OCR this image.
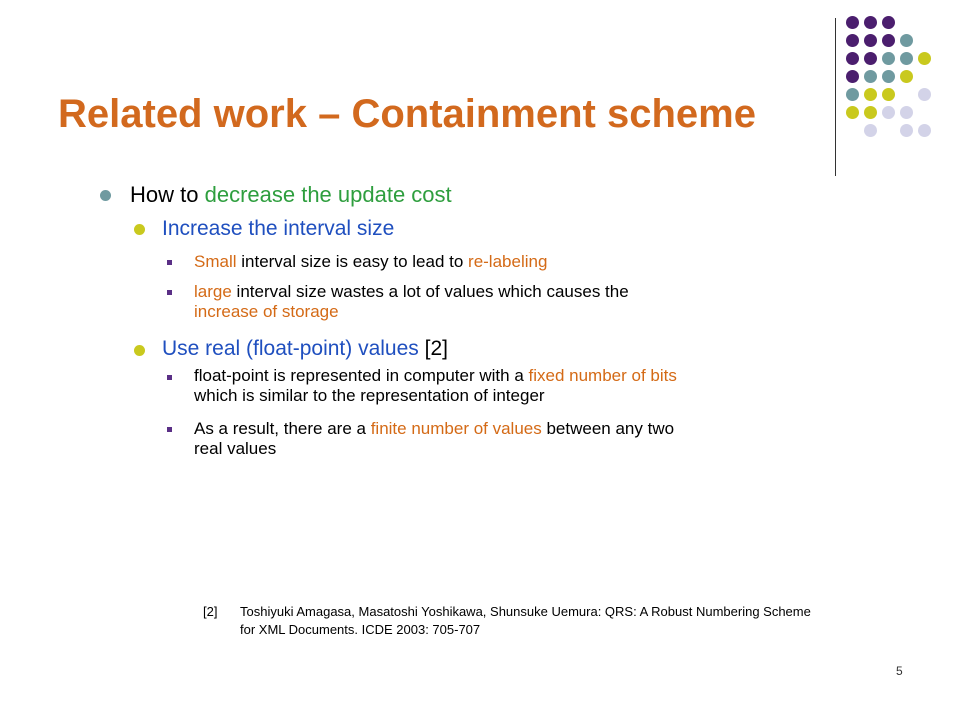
Related work – Containment scheme
How to decrease the update cost
Increase the interval size
Small interval size is easy to lead to re-labeling
large interval size wastes a lot of values which causes the
increase of storage
Use real (float-point) values [2]
float-point is represented in computer with a fixed number of bits
which is similar to the representation of integer
As a result, there are a finite number of values between any two
real values
[2] Toshiyuki Amagasa, Masatoshi Yoshikawa, Shunsuke Uemura: QRS: A Robust Numbering Scheme
for XML Documents. ICDE 2003: 705-707
5
